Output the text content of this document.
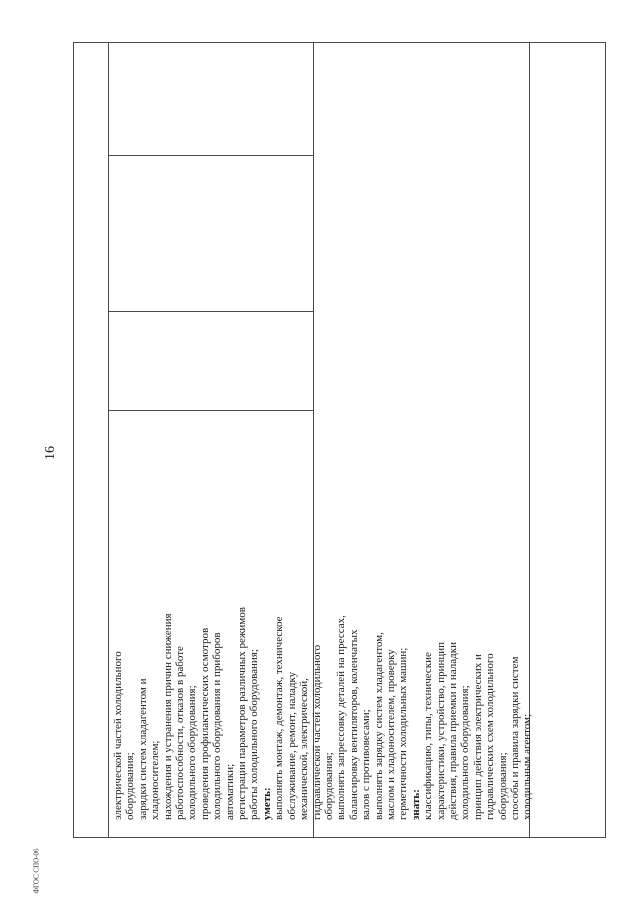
16
ФГОС СПО-06
электрической частей холодильного оборудования; зарядки систем хладагентом и хладоносителем; нахождения и устранения причин снижения работоспособности, отказов в работе холодильного оборудования; проведения профилактических осмотров холодильного оборудования и приборов автоматики; регистрации параметров различных режимов работы холодильного оборудования; уметь: выполнять монтаж, демонтаж, техническое обслуживание, ремонт, наладку механической, электрической, гидравлической частей холодильного оборудования; выполнять запрессовку деталей на прессах, балансировку вентиляторов, коленчатых валов с противовесами; выполнять зарядку систем хладагентом, маслом и хладоносителем, проверку герметичности холодильных машин; знать: классификацию, типы, технические характеристики, устройство, принцип действия, правила приемки и наладки холодильного оборудования; принцип действия электрических и гидравлических схем холодильного оборудования; способы и правила зарядки систем холодильным агентом;
